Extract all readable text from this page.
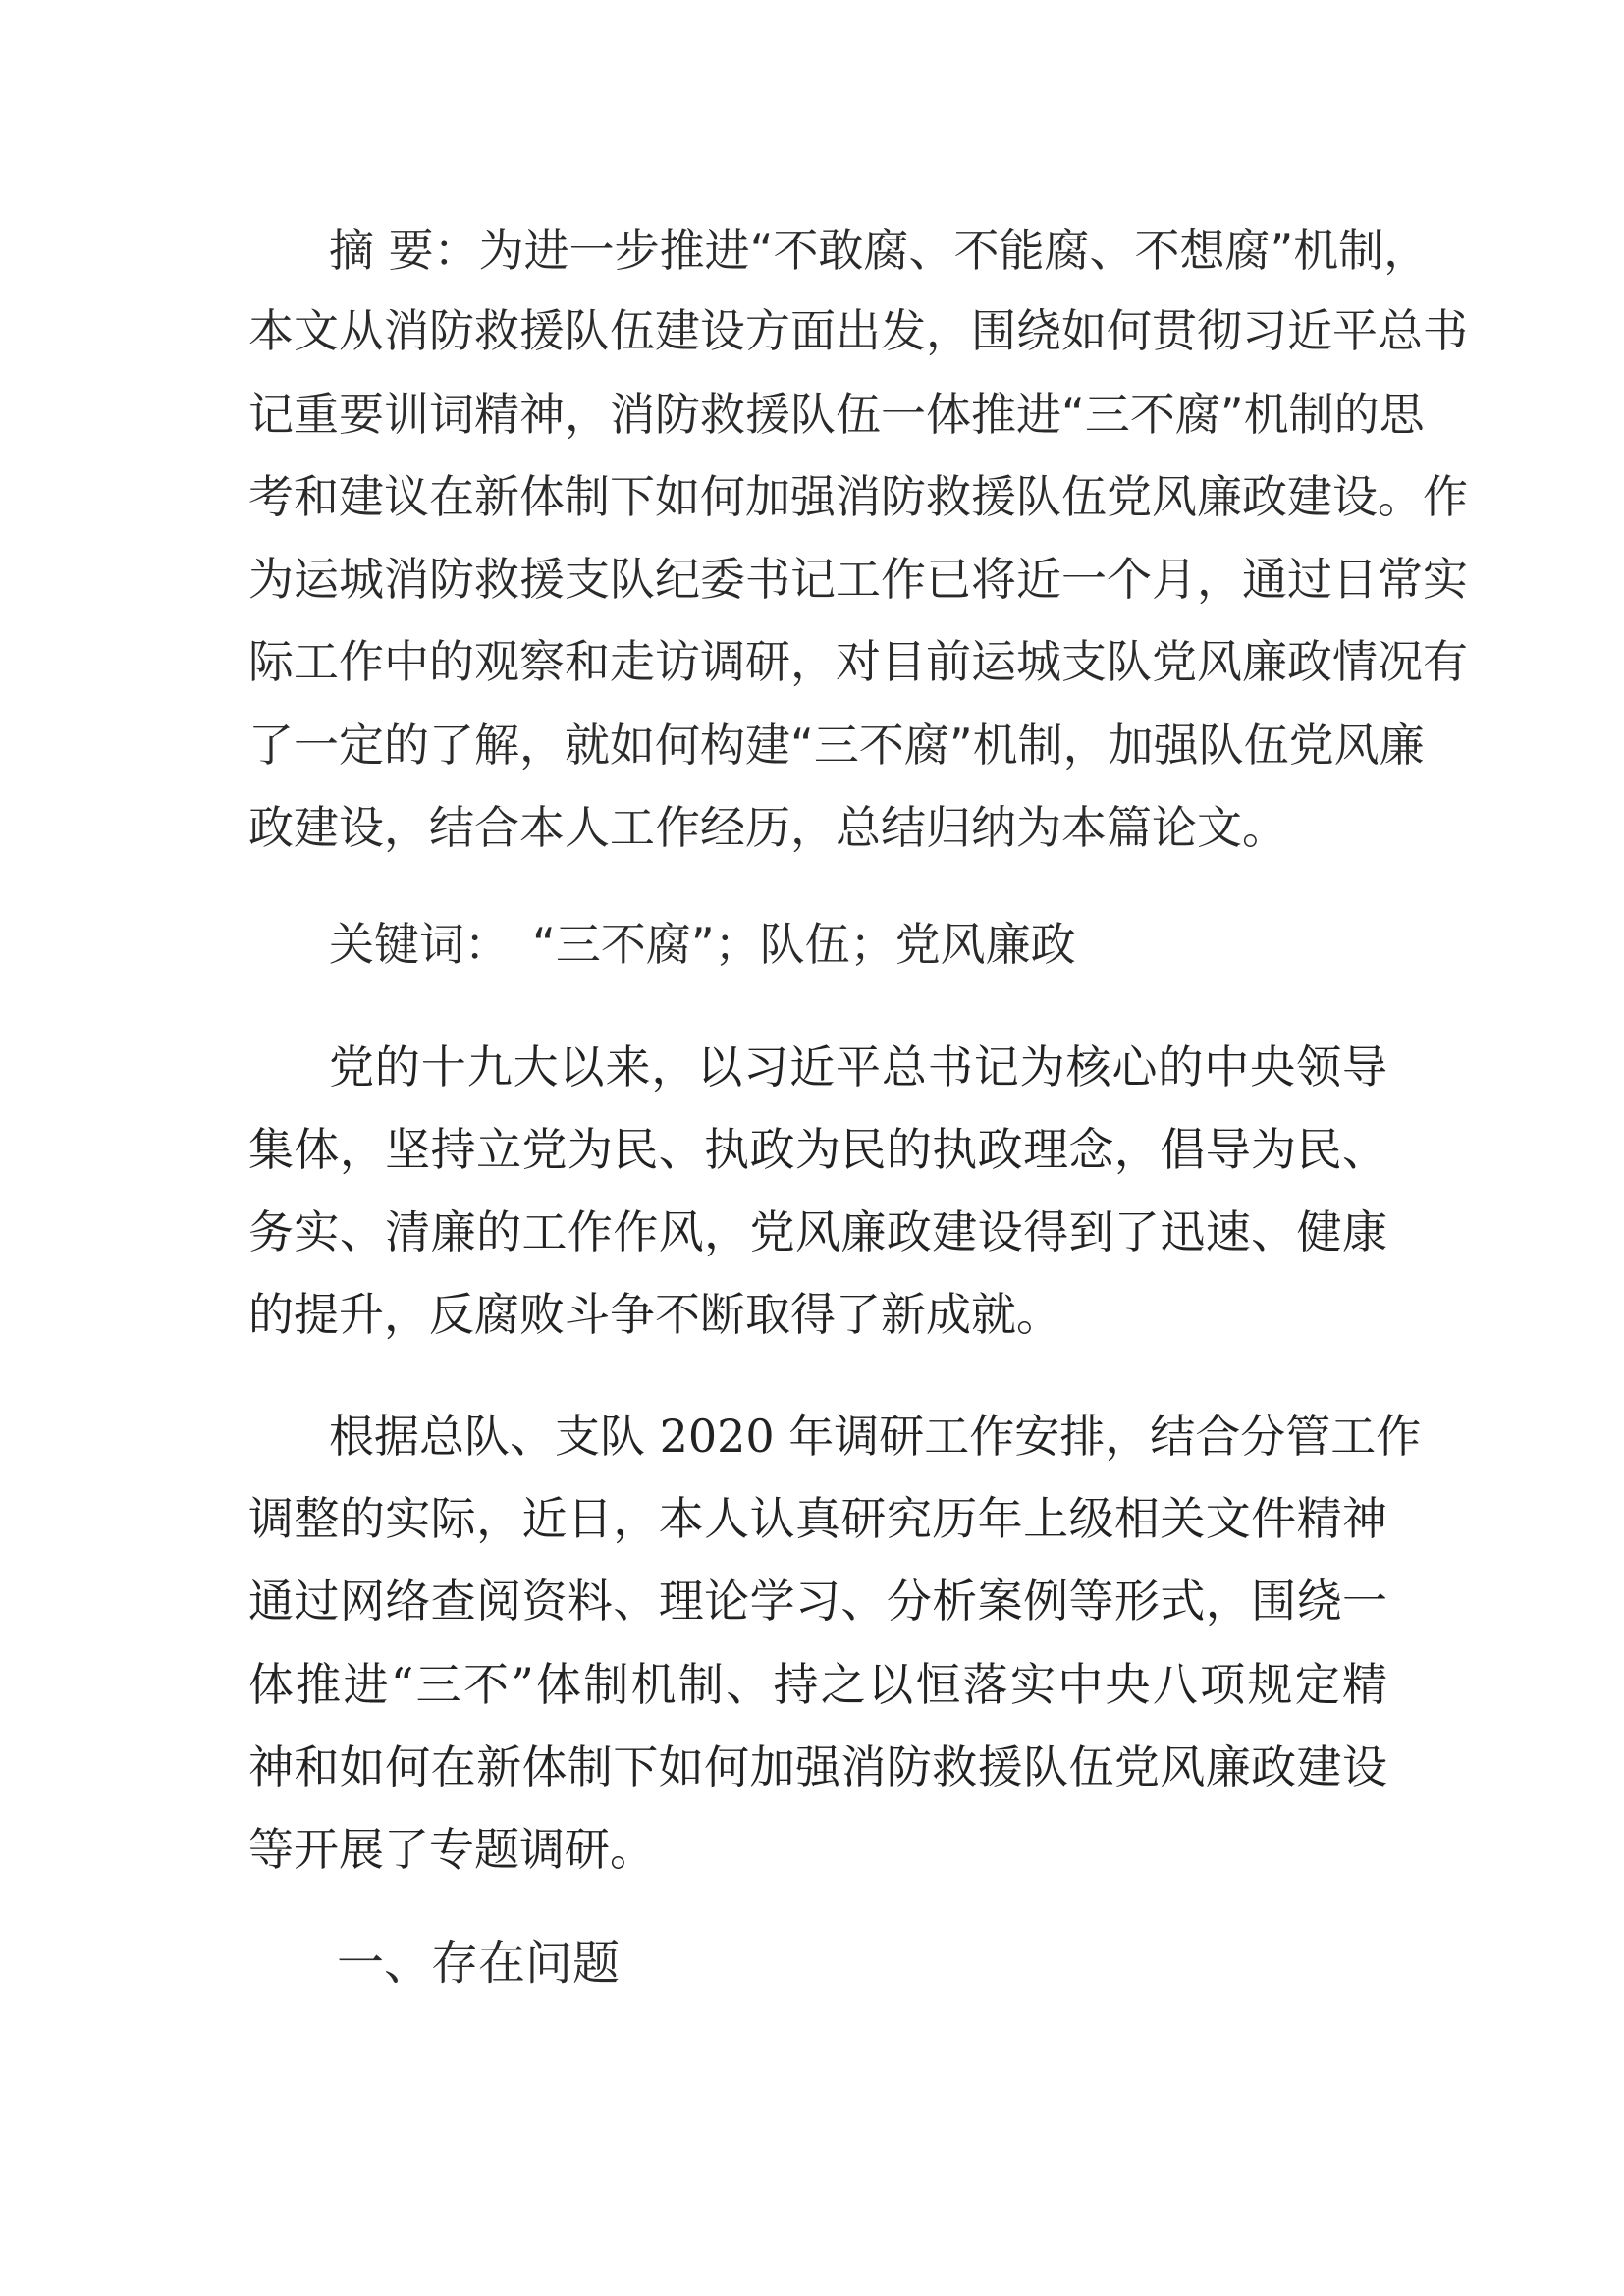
摘 要：为进一步推进“不敢腐、不能腐、不想腐”机制，
本文从消防救援队伍建设方面出发，围绕如何贯彻习近平总书
记重要训词精神，消防救援队伍一体推进“三不腐”机制的思
考和建议在新体制下如何加强消防救援队伍党风廉政建设。作
为运城消防救援支队纪委书记工作已将近一个月，通过日常实
际工作中的观察和走访调研，对目前运城支队党风廉政情况有
了一定的了解，就如何构建“三不腐”机制，加强队伍党风廉
政建设，结合本人工作经历，总结归纳为本篇论文。
关键词：　“三不腐”；队伍；党风廉政
党的十九大以来，以习近平总书记为核心的中央领导
集体，坚持立党为民、执政为民的执政理念，倡导为民、
务实、清廉的工作作风，党风廉政建设得到了迅速、健康
的提升，反腐败斗争不断取得了新成就。
根据总队、支队 2020 年调研工作安排，结合分管工作
调整的实际，近日，本人认真研究历年上级相关文件精神
通过网络查阅资料、理论学习、分析案例等形式，围绕一
体推进“三不”体制机制、持之以恒落实中央八项规定精
神和如何在新体制下如何加强消防救援队伍党风廉政建设
等开展了专题调研。
一、存在问题
